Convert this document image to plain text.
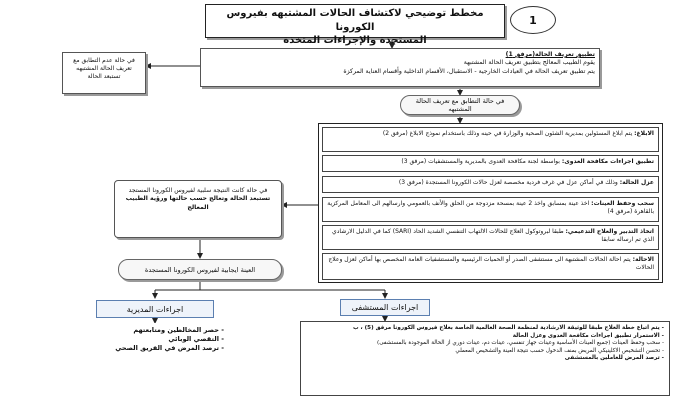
مخطط توضيحي لاكتشاف الحالات المشتبهه بفيروس الكورونا
المستجدة والإجراءات المتخذة
1
في حالة عدم التطابق مع تعريف الحالة المشتبهه تستبعد الحالة

تطبيق تعريف الحالة(مرفق 1)

يقوم الطبيب المعالج بتطبيق تعريف الحالة المشتبهة

يتم تطبيق تعريف الحالة في العيادات الخارجية - الاستقبال، الأقسام الداخلية وأقسام العناية المركزة

في حالة التطابق مع تعريف الحالة المشتبهه
الابلاغ: يتم ابلاغ المسئولين بمديرية الشئون الصحية والوزارة في حينه وذلك باستخدام نموذج الابلاغ (مرفق 2)
تطبيق اجراءات مكافحة العدوى: بواسطة لجنة مكافحة العدوى بالمديرية والمستشفيات (مرفق 3)
عزل الحالة: وذلك في أماكن عزل في غرف فردية مخصصة لعزل حالات الكورونا المستجدة (مرفق 3)
سحب وحفظ العينات: اخذ عينة بمسابق واخذ 2 عينة بمسحة مزدوجة من الحلق والأنف بالعمومي وارسالهم الى المعامل المركزية بالقاهرة (مرفق 4)
اتخاذ التدبير والعلاج التدعيمي: طبقا لبروتوكول العلاج للحالات الالتهاب التنفسي الشديد الحاد (SARI) كما في الدليل الارشادي الذي تم ارساله سابقا
الاحالة: يتم احالة الحالات المشتبهة الى مستشفى الصدر أو الحميات الرئيسية والمستشفيات العامة المخصص بها أماكن لعزل وعلاج الحالات

في حالة كانت النتيجة سلبية لفيروس الكورونا المستجد

تستبعد الحالة وتعالج حسب حالتها ورؤية الطبيب المعالج

العينة ايجابية لفيروس الكورونا المستجدة
اجراءات المديرية

- حصر المخالطين ومتابعتهم

- التقصي الوبائي

- ترصد المرض في الفريق الصحي

اجراءات المستشفى

- يتم اتباع خطة العلاج طبقا للوثيقة الارشادية لمنظمة الصحة العالمية الخاصة بعلاج فيروس الكورونا مرفق (5) ، ب

- الاستمرار تطبيق اجراءات مكافحة العدوى وعزل الحالة

- سحب وحفظ العينات (جميع العينات الأساسية وعينات جهاز تنفسي، عينات دم، عينات دوري از الحالة الموجودة بالمستشفى)

- تحسن التشخيص الاكلينيكي المريض بمنف الدخول حسب نتيجة العينة والتشخيص المعملي

- ترصد المرض للعاملين بالمستشفى
